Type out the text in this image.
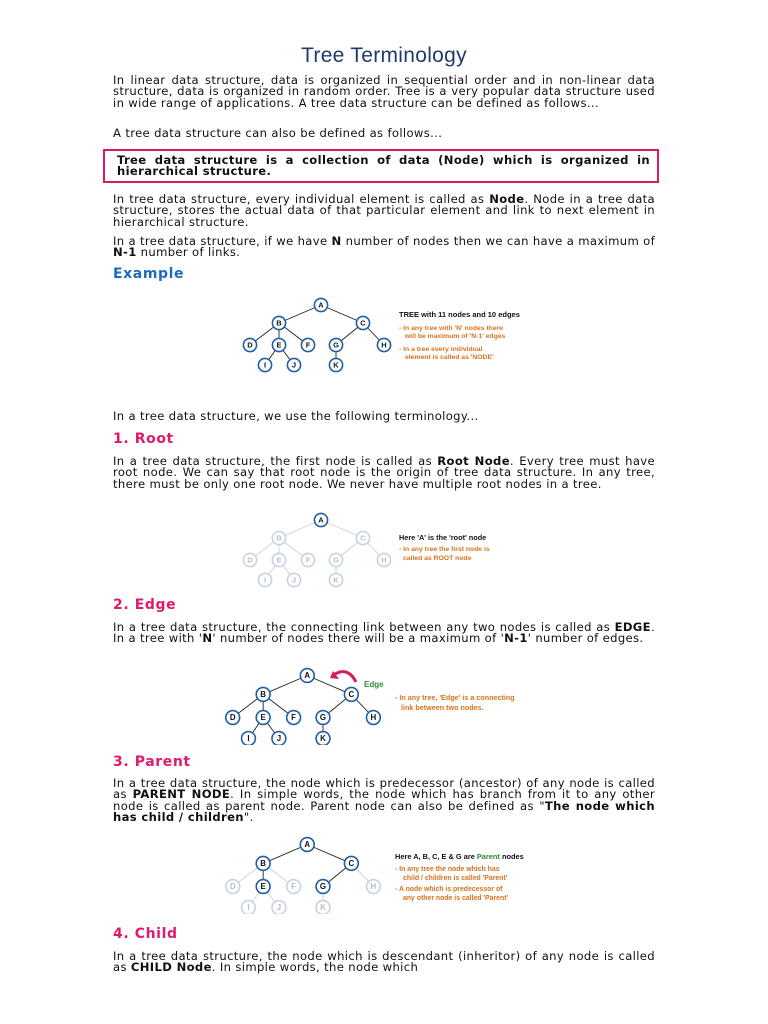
Tree Terminology
In linear data structure, data is organized in sequential order and in non-linear data structure, data is organized in random order. Tree is a very popular data structure used in wide range of applications. A tree data structure can be defined as follows...
A tree data structure can also be defined as follows...
Tree data structure is a collection of data (Node) which is organized in hierarchical structure.
In tree data structure, every individual element is called as Node. Node in a tree data structure, stores the actual data of that particular element and link to next element in hierarchical structure.
In a tree data structure, if we have N number of nodes then we can have a maximum of N-1 number of links.
Example
A
B	C
D	E	F	G	H
I	J	K
TREE with 11 nodes and 10 edges
- In any tree with 'N' nodes there
will be maximum of 'N-1' edges
- In a tree every individual
element is called as 'NODE'
In a tree data structure, we use the following terminology...
1. Root
In a tree data structure, the first node is called as Root Node. Every tree must have root node. We can say that root node is the origin of tree data structure. In any tree, there must be only one root node. We never have multiple root nodes in a tree.
A
B	C
D	E	F	G	H
I	J	K
Here 'A' is the 'root' node
- In any tree the first node is
called as ROOT node
2. Edge
In a tree data structure, the connecting link between any two nodes is called as EDGE. In a tree with 'N' number of nodes there will be a maximum of 'N-1' number of edges.
A
B	C
D	E	F	G	H
I	J	K
Edge
- In any tree, 'Edge' is a connecting
link between two nodes.
3. Parent
In a tree data structure, the node which is predecessor (ancestor) of any node is called as PARENT NODE. In simple words, the node which has branch from it to any other node is called as parent node. Parent node can also be defined as "The node which has child / children".
A
B	C
D	E	F	G	H
I	J	K
Here A, B, C, E & G are Parent nodes
- In any tree the node which has
child / children is called 'Parent'
- A node which is predecessor of
any other node is called 'Parent'
4. Child
In a tree data structure, the node which is descendant (inheritor) of any node is called as CHILD Node. In simple words, the node which
